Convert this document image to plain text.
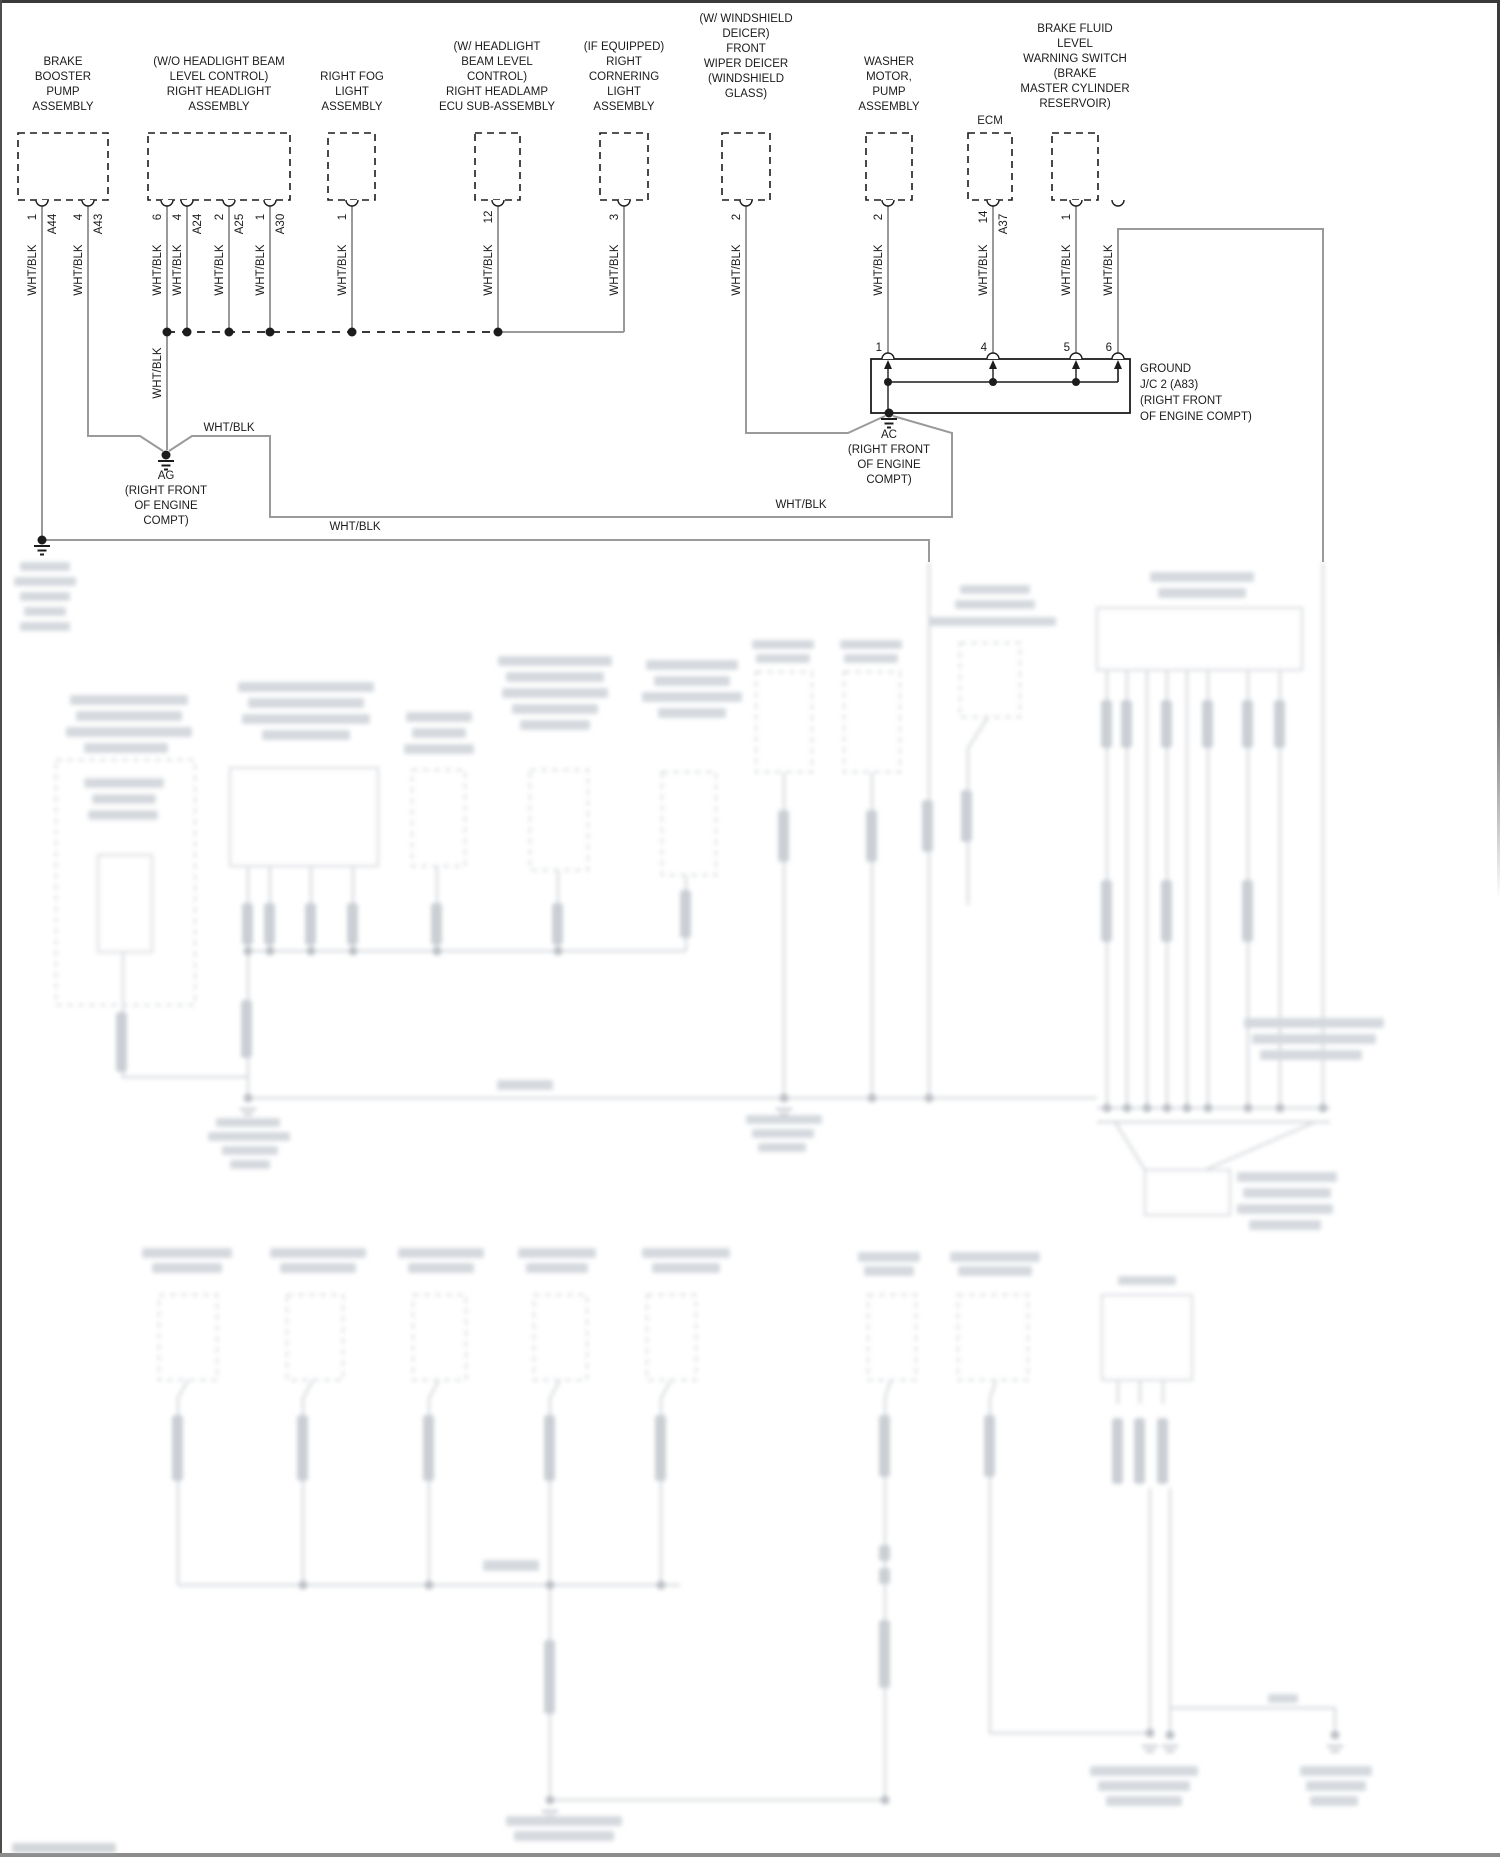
BRAKE
BOOSTER
PUMP
ASSEMBLY
(W/O HEADLIGHT BEAM
LEVEL CONTROL)
RIGHT HEADLIGHT
ASSEMBLY
RIGHT FOG
LIGHT
ASSEMBLY
(W/ HEADLIGHT
BEAM LEVEL
CONTROL)
RIGHT HEADLAMP
ECU SUB-ASSEMBLY
(IF EQUIPPED)
RIGHT
CORNERING
LIGHT
ASSEMBLY
(W/ WINDSHIELD
DEICER)
FRONT
WIPER DEICER
(WINDSHIELD
GLASS)
WASHER
MOTOR,
PUMP
ASSEMBLY
ECM
BRAKE FLUID
LEVEL
WARNING SWITCH
(BRAKE
MASTER CYLINDER
RESERVOIR)
1	4	5	6
GROUND
J/C 2 (A83)
(RIGHT FRONT
OF ENGINE COMPT)
AC
(RIGHT FRONT
OF ENGINE
COMPT)
AG
(RIGHT FRONT
OF ENGINE
COMPT)
1 A44
WHT/BLK
4 A43
WHT/BLK
6
WHT/BLK
4 A24
WHT/BLK
2 A25
WHT/BLK
1 A30
WHT/BLK
1
WHT/BLK
12
WHT/BLK
3
WHT/BLK
2
WHT/BLK
2
WHT/BLK
14 A37
WHT/BLK
1
WHT/BLK	WHT/BLK
WHT/BLK
WHT/BLK
WHT/BLK
WHT/BLK
